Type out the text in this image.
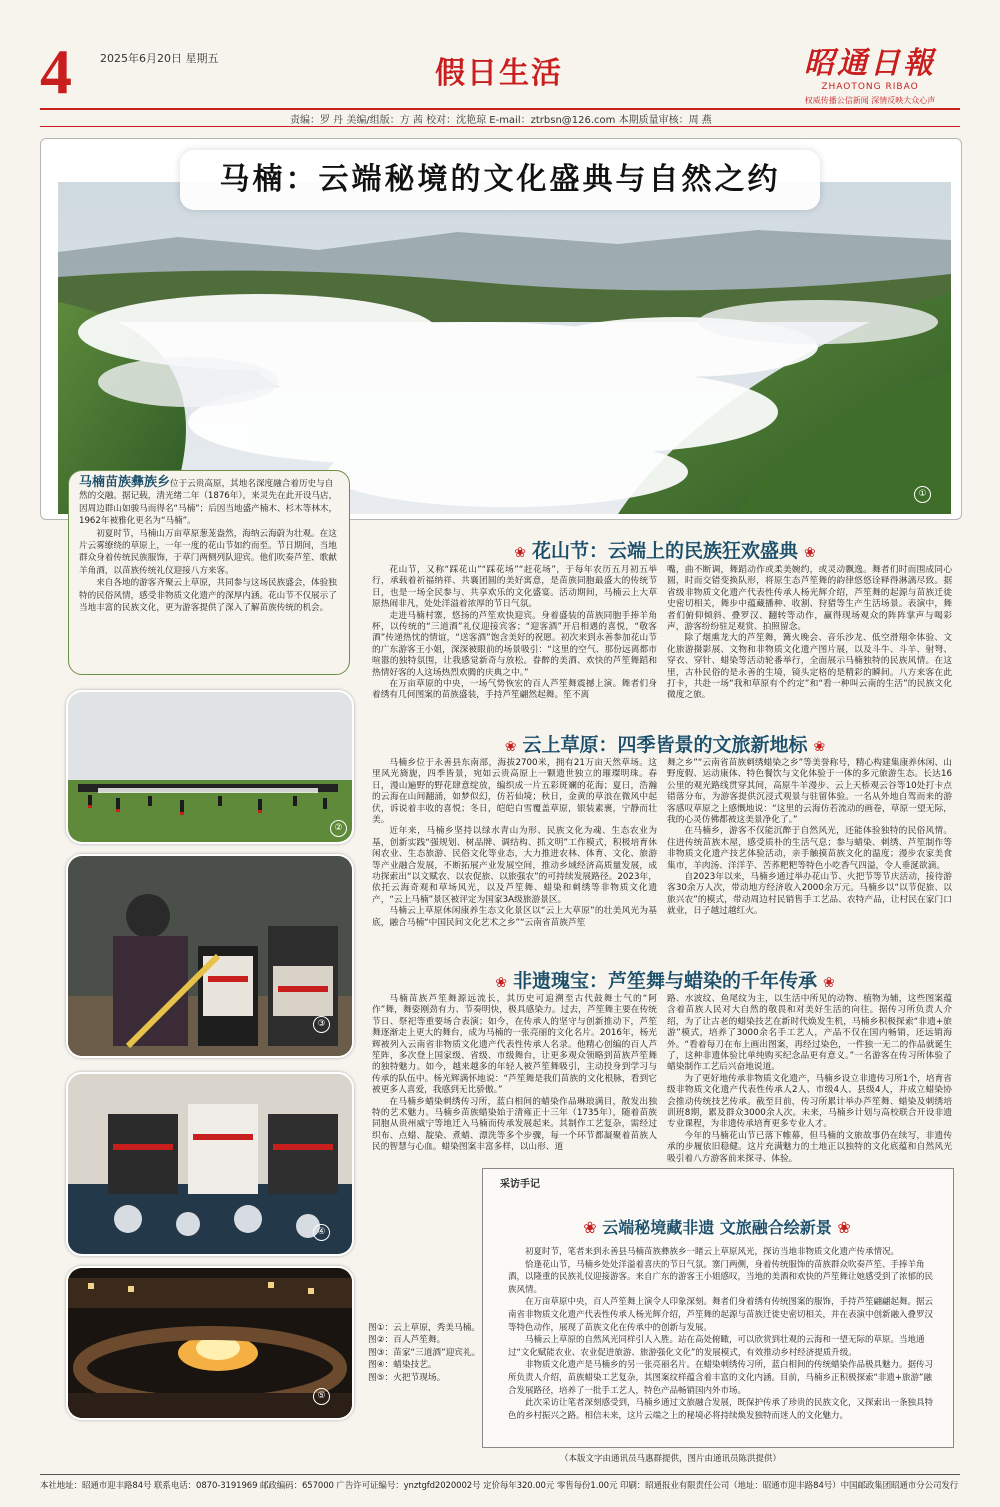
4	2025年6月20日 星期五	假日生活	昭通日報
ZHAOTONG RIBAO
权威传播公信新闻 深情反映大众心声
责编：罗 丹 美编/组版：方 茜 校对：沈艳琼 E-mail：ztrbsn@126.com 本期质量审核：周 燕
①
马楠：云端秘境的文化盛典与自然之约

马楠苗族彝族乡位于云贵高原，其地名深度融合着历史与自然的交融。据记载，清光绪二年（1876年），来灵先在此开设马店，因周边群山如骏马而得名“马楠”；后因当地盛产楠木、杉木等林木，1962年被雅化更名为“马楠”。

初夏时节，马楠山万亩草原葱茏盎然，海纳云海蔚为壮观。在这片云雾缭绕的草原上，一年一度的花山节如约而至。节日期间，当地群众身着传统民族服饰，于草门两侧列队迎宾。他们吹奏芦笙、歌献羊角酒，以苗族传统礼仪迎接八方来客。

来自各地的游客齐聚云上草原，共同参与这场民族盛会，体验独特的民俗风情，感受非物质文化遗产的深厚内涵。花山节不仅展示了当地丰富的民族文化，更为游客提供了深入了解苗族传统的机会。

②
③
④
⑤
❀ 花山节：云端上的民族狂欢盛典 ❀

花山节，又称“踩花山”“踩花场”“赶花场”，于每年农历五月初五举行，承载着祈福纳祥、共襄团圆的美好寓意，是苗族同胞最盛大的传统节日，也是一场全民参与、共享欢乐的文化盛宴。活动期间，马楠云上大草原热闹非凡，处处洋溢着浓厚的节日气氛。

走进马楠村寨，悠扬的芦笙欢快迎宾。身着盛装的苗族同胞手捧羊角杯，以传统的“三道酒”礼仪迎接宾客；“迎客酒”开启相遇的喜悦，“敬客酒”传递热忱的情谊，“送客酒”饱含美好的祝愿。初次来到永善参加花山节的广东游客王小姐，深深被眼前的场景吸引：“这里的空气、那份远离都市喧嚣的独特氛围，让我感觉新奇与放松。眷醉的美酒、欢快的芦笙舞蹈和热情好客的人这场热烈欢腾的庆典之中。”

在万亩草原的中央，一场气势恢宏的百人芦笙舞震撼上演。舞者们身着绣有几何图案的苗族盛装，手持芦笙翩然起舞。笙不离

嘴，曲不断调，舞蹈动作或柔美婉约，或灵动飘逸。舞者们时而围成同心圆，时而交错变换队形，将原生态芦笙舞的韵律悠悠诠释得淋漓尽致。据省级非物质文化遗产代表性传承人杨光辉介绍，芦笙舞的起源与苗族迁徙史密切相关，舞步中蕴藏播种、收割、狩猎等生产生活场景。表演中，舞者们俯仰倾斜、叠罗汉、翻转等动作，赢得现场观众的阵阵掌声与喝彩声，游客纷纷驻足观赏、拍照留念。

除了烟熏龙大的芦笙舞，篝火晚会、音乐沙龙、低空滑翔伞体验、文化旅游摄影展、文物和非物质文化遗产图片展，以及斗牛、斗羊、射弩、穿衣、穿针、蜡染等活动轮番举行，全面展示马楠独特的民族风情。在这里，古朴民俗的是永善的生境，镜头定格的是精彩的瞬间。八方来客在此打卡，共赴一场“我和草原有个约定”和“看一种叫云南的生活”的民族文化微度之旅。

❀ 云上草原：四季皆景的文旅新地标 ❀

马楠乡位于永善县东南部，海拔2700米，拥有21万亩天然草场。这里风光旖旎，四季皆景，宛如云贵高原上一颗遗世独立的璀璨明珠。春日，漫山遍野的野花肆意绽放，编织成一片五彩斑斓的花海；夏日，浩瀚的云海在山间翻涌，如梦似幻，仿若仙境；秋日，金黄的草浪在微风中起伏，诉说着丰收的喜悦；冬日，皑皑白雪覆盖草原，银装素裹，宁静而壮美。

近年来，马楠乡坚持以绿水青山为形、民族文化为魂、生态农业为基，创新实践“强规划、树品牌、调结构、抓文明”工作模式，积极培育休闲农业、生态旅游、民俗文化等业态，大力推进农林、体育、文化、旅游等产业融合发展，不断拓展产业发展空间，推动乡域经济高质量发展，成功探索出“以文赋农、以农促旅、以旅强农”的可持续发展路径。2023年，依托云海奇观和草场风光，以及芦笙舞、蜡染和刺绣等非物质文化遗产，“云上马楠”景区被评定为国家3A级旅游景区。

马楠云上草原休闲康养生态文化景区以“云上大草原”的壮美风光为基底，融合马楠“中国民间文化艺术之乡”“云南省苗族芦笙

舞之乡”“云南省苗族刺绣蜡染之乡”等美誉称号，精心构建集康养休闲、山野度假、运动康体、特色餐饮与文化体验于一体的多元旅游生态。长达16公里的观光路线贯穿其间，高原牛羊漫步、云上天桥观云谷等10处打卡点错落分布，为游客提供沉浸式观景与驻留体验。一名从外地自驾而来的游客感叹草原之上感慨地说：“这里的云海仿若流动的画卷，草原一望无际，我的心灵仿佛都被这美景净化了。”

在马楠乡，游客不仅能沉醉于自然风光，还能体验独特的民俗风情。住进传统苗族木屋，感受质朴的生活气息；参与蜡染、刺绣、芦笙制作等非物质文化遗产技艺体验活动，亲手触摸苗族文化的温度；漫步农家美食集市，羊肉汤、洋洋芋、苦荞粑粑等特色小吃香气四溢，令人垂涎欲滴。

自2023年以来，马楠乡通过举办花山节、火把节等节庆活动，接待游客30余万人次，带动地方经济收入2000余万元。马楠乡以“以节促旅、以旅兴农”的模式，带动周边村民销售手工艺品、农特产品，让村民在家门口就业，日子越过越红火。

❀ 非遗瑰宝：芦笙舞与蜡染的千年传承 ❀

马楠苗族芦笙舞源远流长，其历史可追溯至古代鼓舞士气的“阿作”舞，舞姿刚劲有力、节奏明快，极具感染力。过去，芦笙舞主要在传统节日、祭祀等重要场合表演；如今，在传承人的坚守与创新推动下，芦笙舞逐渐走上更大的舞台，成为马楠的一张亮丽的文化名片。2016年，杨光辉被列入云南省非物质文化遗产代表性传承人名录。他精心创编的百人芦笙阵，多次登上国家级、省级、市级舞台，让更多观众领略到苗族芦笙舞的独特魅力。如今，越来越多的年轻人被芦笙舞吸引，主动投身到学习与传承的队伍中。杨光辉满怀地说：“芦笙舞是我们苗族的文化根脉，看到它被更多人喜爱，我感到无比骄傲。”

在马楠乡蜡染刺绣传习所，蓝白相间的蜡染作品琳琅满目，散发出独特的艺术魅力。马楠乡苗族蜡染始于清雍正十三年（1735年），随着苗族同胞从贵州威宁等地迁入马楠而传承发展起来。其制作工艺复杂，需经过织布、点蜡、靛染、煮蜡、漂洗等多个步骤，每一个环节都凝聚着苗族人民的智慧与心血。蜡染图案丰富多样，以山形、道

路、水波纹、鱼尾纹为主，以生活中所见的动物、植物为辅，这些图案蕴含着苗族人民对大自然的敬畏和对美好生活的向往。据传习所负责人介绍，为了让古老的蜡染技艺在新时代焕发生机，马楠乡积极探索“非遗+旅游”模式，培养了3000余名手工艺人，产品不仅在国内畅销，还远销海外。“看着每刀在布上画出图案，再经过染色，一件独一无二的作品就诞生了，这种非遗体验比单纯购买纪念品更有意义。”一名游客在传习所体验了蜡染制作工艺后兴奋地说道。

为了更好地传承非物质文化遗产，马楠乡设立非遗传习所1个，培育省级非物质文化遗产代表性传承人2人、市级4人、县级4人，并成立蜡染协会推动传统技艺传承。截至目前，传习所累计举办芦笙舞、蜡染及刺绣培训班8期，累及群众3000余人次。未来，马楠乡计划与高校联合开设非遗专业课程，为非遗传承培育更多专业人才。

今年的马楠花山节已落下帷幕，但马楠的文旅故事仍在续写，非遗传承的步履依旧稳健。这片充满魅力的土地正以独特的文化底蕴和自然风光吸引着八方游客前来探寻、体验。

采访手记
❀ 云端秘境藏非遗 文旅融合绘新景 ❀

初夏时节，笔者来到永善县马楠苗族彝族乡一睹云上草原风光，探访当地非物质文化遗产传承情况。

恰逢花山节，马楠乡处处洋溢着喜庆的节日气氛。寨门两侧，身着传统服饰的苗族群众吹奏芦笙、手捧羊角酒，以隆重的民族礼仪迎接游客。来自广东的游客王小姐感叹，当地的美酒和欢快的芦笙舞让她感受到了浓郁的民族风情。

在万亩草原中央，百人芦笙舞上演令人印象深刻。舞者们身着绣有传统图案的服饰，手持芦笙翩翩起舞。据云南省非物质文化遗产代表性传承人杨光辉介绍，芦笙舞的起源与苗族迁徙史密切相关，并在表演中创新融入叠罗汉等特色动作，展现了苗族文化在传承中的创新与发展。

马楠云上草原的自然风光同样引人入胜。站在高处俯瞰，可以欣赏到壮观的云海和一望无际的草原。当地通过“文化赋能农业、农业促进旅游、旅游强化文化”的发展模式，有效推动乡村经济提质升级。

非物质文化遗产是马楠乡的另一张亮丽名片。在蜡染刺绣传习所，蓝白相间的传统蜡染作品极具魅力。据传习所负责人介绍，苗族蜡染工艺复杂，其图案纹样蕴含着丰富的文化内涵。目前，马楠乡正积极探索“非遗+旅游”融合发展路径，培养了一批手工艺人，特色产品畅销国内外市场。

此次采访让笔者深刻感受到，马楠乡通过文旅融合发展，既保护传承了珍贵的民族文化，又探索出一条独具特色的乡村振兴之路。相信未来，这片云端之上的秘境必将持续焕发独特而迷人的文化魅力。

（本版文字由通讯员马惠群提供，图片由通讯员陈洪提供）
图①：云上草原，秀美马楠。
图②：百人芦笙舞。
图③：苗家“三道酒”迎宾礼。
图④：蜡染技艺。
图⑤：火把节现场。
本社地址：昭通市迎丰路84号 联系电话：0870-3191969 邮政编码：657000 广告许可证编号：ynztgfd2020002号 定价每年320.00元 零售每份1.00元 印刷：昭通报业有限责任公司（地址：昭通市迎丰路84号）中国邮政集团昭通市分公司发行
